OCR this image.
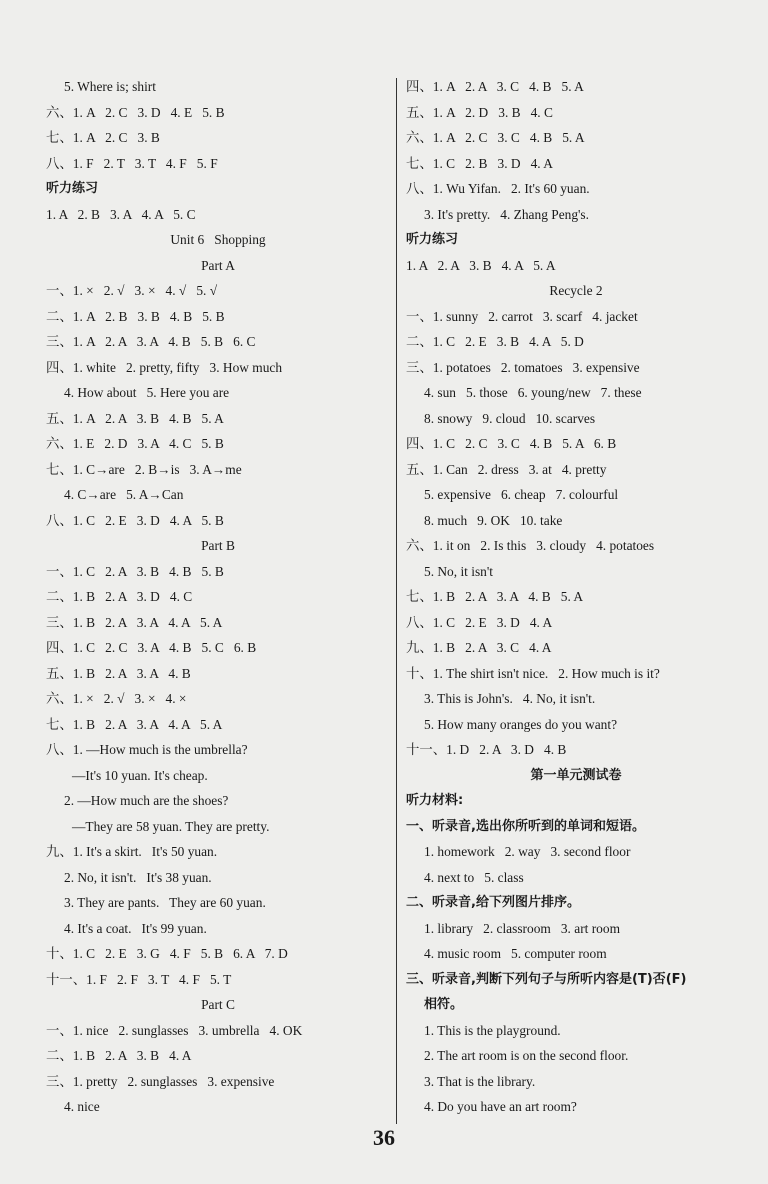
5. Where is; shirt
六、1. A   2. C   3. D   4. E   5. B
七、1. A   2. C   3. B
八、1. F   2. T   3. T   4. F   5. F
听力练习
1. A   2. B   3. A   4. A   5. C
Unit 6   Shopping
Part A
一、1. ×   2. √   3. ×   4. √   5. √
二、1. A   2. B   3. B   4. B   5. B
三、1. A   2. A   3. A   4. B   5. B   6. C
四、1. white   2. pretty, fifty   3. How much
4. How about   5. Here you are
五、1. A   2. A   3. B   4. B   5. A
六、1. E   2. D   3. A   4. C   5. B
七、1. C→are   2. B→is   3. A→me
4. C→are   5. A→Can
八、1. C   2. E   3. D   4. A   5. B
Part B
一、1. C   2. A   3. B   4. B   5. B
二、1. B   2. A   3. D   4. C
三、1. B   2. A   3. A   4. A   5. A
四、1. C   2. C   3. A   4. B   5. C   6. B
五、1. B   2. A   3. A   4. B
六、1. ×   2. √   3. ×   4. ×
七、1. B   2. A   3. A   4. A   5. A
八、1. —How much is the umbrella?
—It's 10 yuan. It's cheap.
2. —How much are the shoes?
—They are 58 yuan. They are pretty.
九、1. It's a skirt.   It's 50 yuan.
2. No, it isn't.   It's 38 yuan.
3. They are pants.   They are 60 yuan.
4. It's a coat.   It's 99 yuan.
十、1. C   2. E   3. G   4. F   5. B   6. A   7. D
十一、1. F   2. F   3. T   4. F   5. T
Part C
一、1. nice   2. sunglasses   3. umbrella   4. OK
二、1. B   2. A   3. B   4. A
三、1. pretty   2. sunglasses   3. expensive
4. nice
四、1. A   2. A   3. C   4. B   5. A
五、1. A   2. D   3. B   4. C
六、1. A   2. C   3. C   4. B   5. A
七、1. C   2. B   3. D   4. A
八、1. Wu Yifan.   2. It's 60 yuan.
3. It's pretty.   4. Zhang Peng's.
听力练习
1. A   2. A   3. B   4. A   5. A
Recycle 2
一、1. sunny   2. carrot   3. scarf   4. jacket
二、1. C   2. E   3. B   4. A   5. D
三、1. potatoes   2. tomatoes   3. expensive
4. sun   5. those   6. young/new   7. these
8. snowy   9. cloud   10. scarves
四、1. C   2. C   3. C   4. B   5. A   6. B
五、1. Can   2. dress   3. at   4. pretty
5. expensive   6. cheap   7. colourful
8. much   9. OK   10. take
六、1. it on   2. Is this   3. cloudy   4. potatoes
5. No, it isn't
七、1. B   2. A   3. A   4. B   5. A
八、1. C   2. E   3. D   4. A
九、1. B   2. A   3. C   4. A
十、1. The shirt isn't nice.   2. How much is it?
3. This is John's.   4. No, it isn't.
5. How many oranges do you want?
十一、1. D   2. A   3. D   4. B
第一单元测试卷
听力材料:
一、听录音,选出你所听到的单词和短语。
1. homework   2. way   3. second floor
4. next to   5. class
二、听录音,给下列图片排序。
1. library   2. classroom   3. art room
4. music room   5. computer room
三、听录音,判断下列句子与所听内容是(T)否(F)
相符。
1. This is the playground.
2. The art room is on the second floor.
3. That is the library.
4. Do you have an art room?
36
